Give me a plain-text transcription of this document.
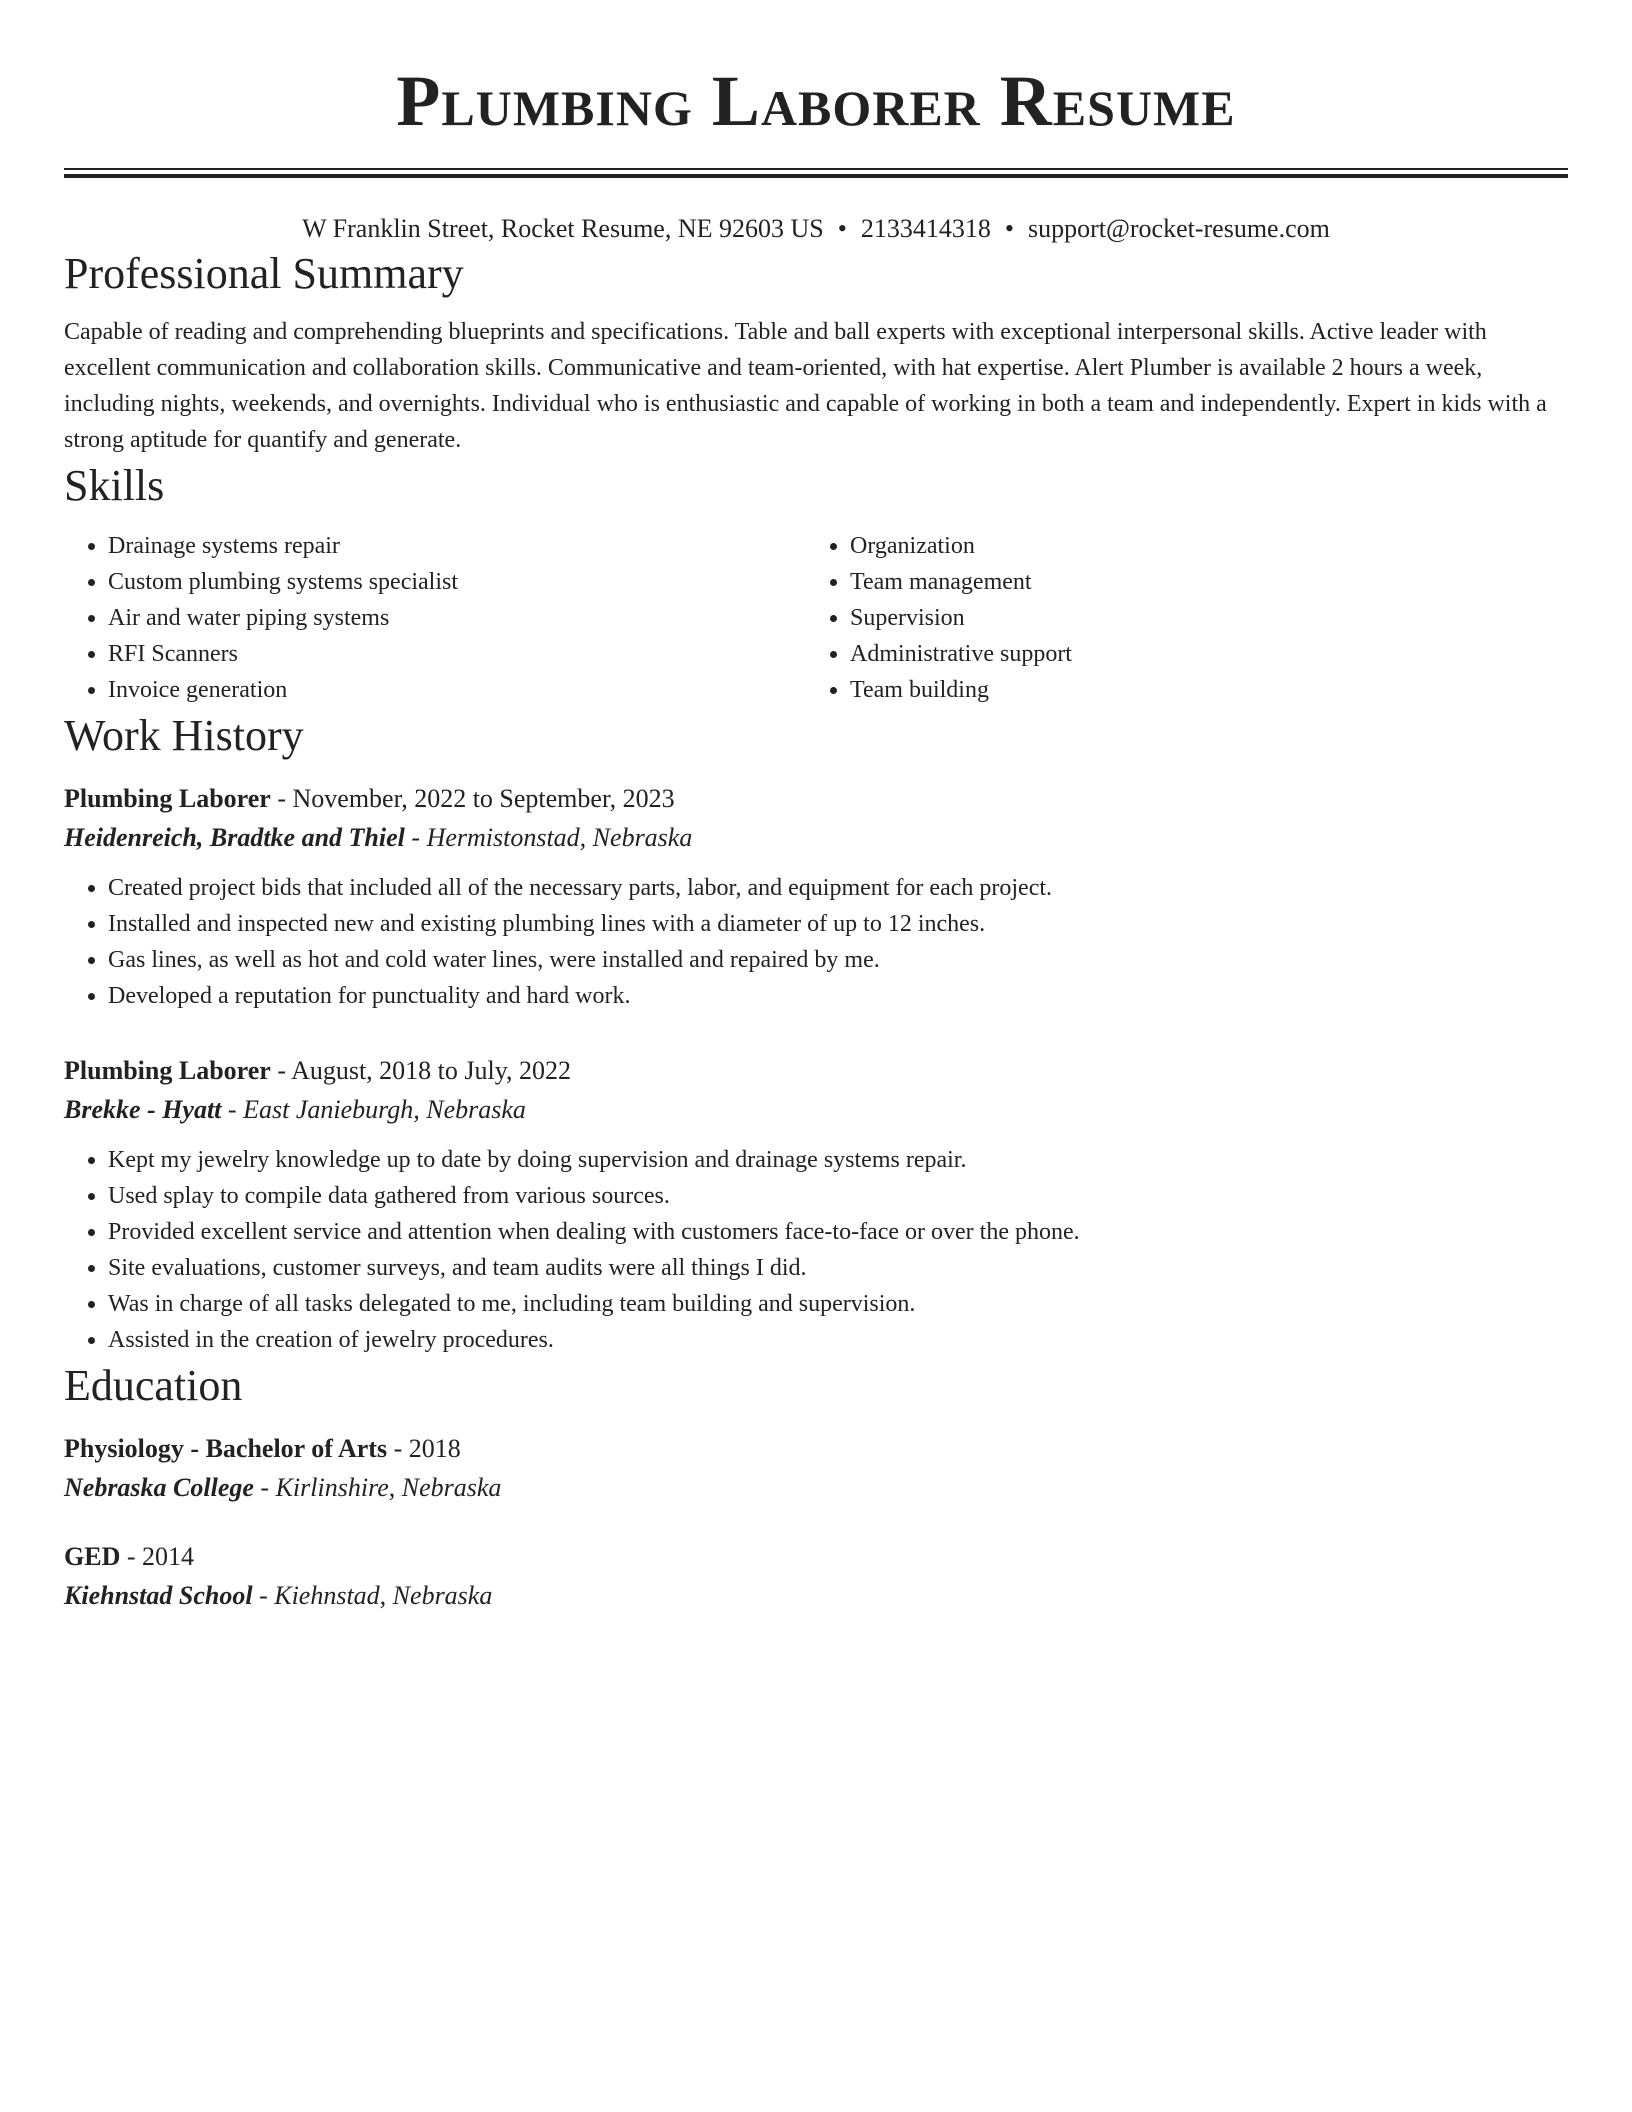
Plumbing Laborer Resume
W Franklin Street, Rocket Resume, NE 92603 US • 2133414318 • support@rocket-resume.com
Professional Summary
Capable of reading and comprehending blueprints and specifications. Table and ball experts with exceptional interpersonal skills. Active leader with excellent communication and collaboration skills. Communicative and team-oriented, with hat expertise. Alert Plumber is available 2 hours a week, including nights, weekends, and overnights. Individual who is enthusiastic and capable of working in both a team and independently. Expert in kids with a strong aptitude for quantify and generate.
Skills
• Drainage systems repair
• Custom plumbing systems specialist
• Air and water piping systems
• RFI Scanners
• Invoice generation
• Organization
• Team management
• Supervision
• Administrative support
• Team building
Work History
Plumbing Laborer - November, 2022 to September, 2023
Heidenreich, Bradtke and Thiel - Hermistonstad, Nebraska
• Created project bids that included all of the necessary parts, labor, and equipment for each project.
• Installed and inspected new and existing plumbing lines with a diameter of up to 12 inches.
• Gas lines, as well as hot and cold water lines, were installed and repaired by me.
• Developed a reputation for punctuality and hard work.
Plumbing Laborer - August, 2018 to July, 2022
Brekke - Hyatt - East Janieburgh, Nebraska
• Kept my jewelry knowledge up to date by doing supervision and drainage systems repair.
• Used splay to compile data gathered from various sources.
• Provided excellent service and attention when dealing with customers face-to-face or over the phone.
• Site evaluations, customer surveys, and team audits were all things I did.
• Was in charge of all tasks delegated to me, including team building and supervision.
• Assisted in the creation of jewelry procedures.
Education
Physiology - Bachelor of Arts - 2018
Nebraska College - Kirlinshire, Nebraska
GED - 2014
Kiehnstad School - Kiehnstad, Nebraska
